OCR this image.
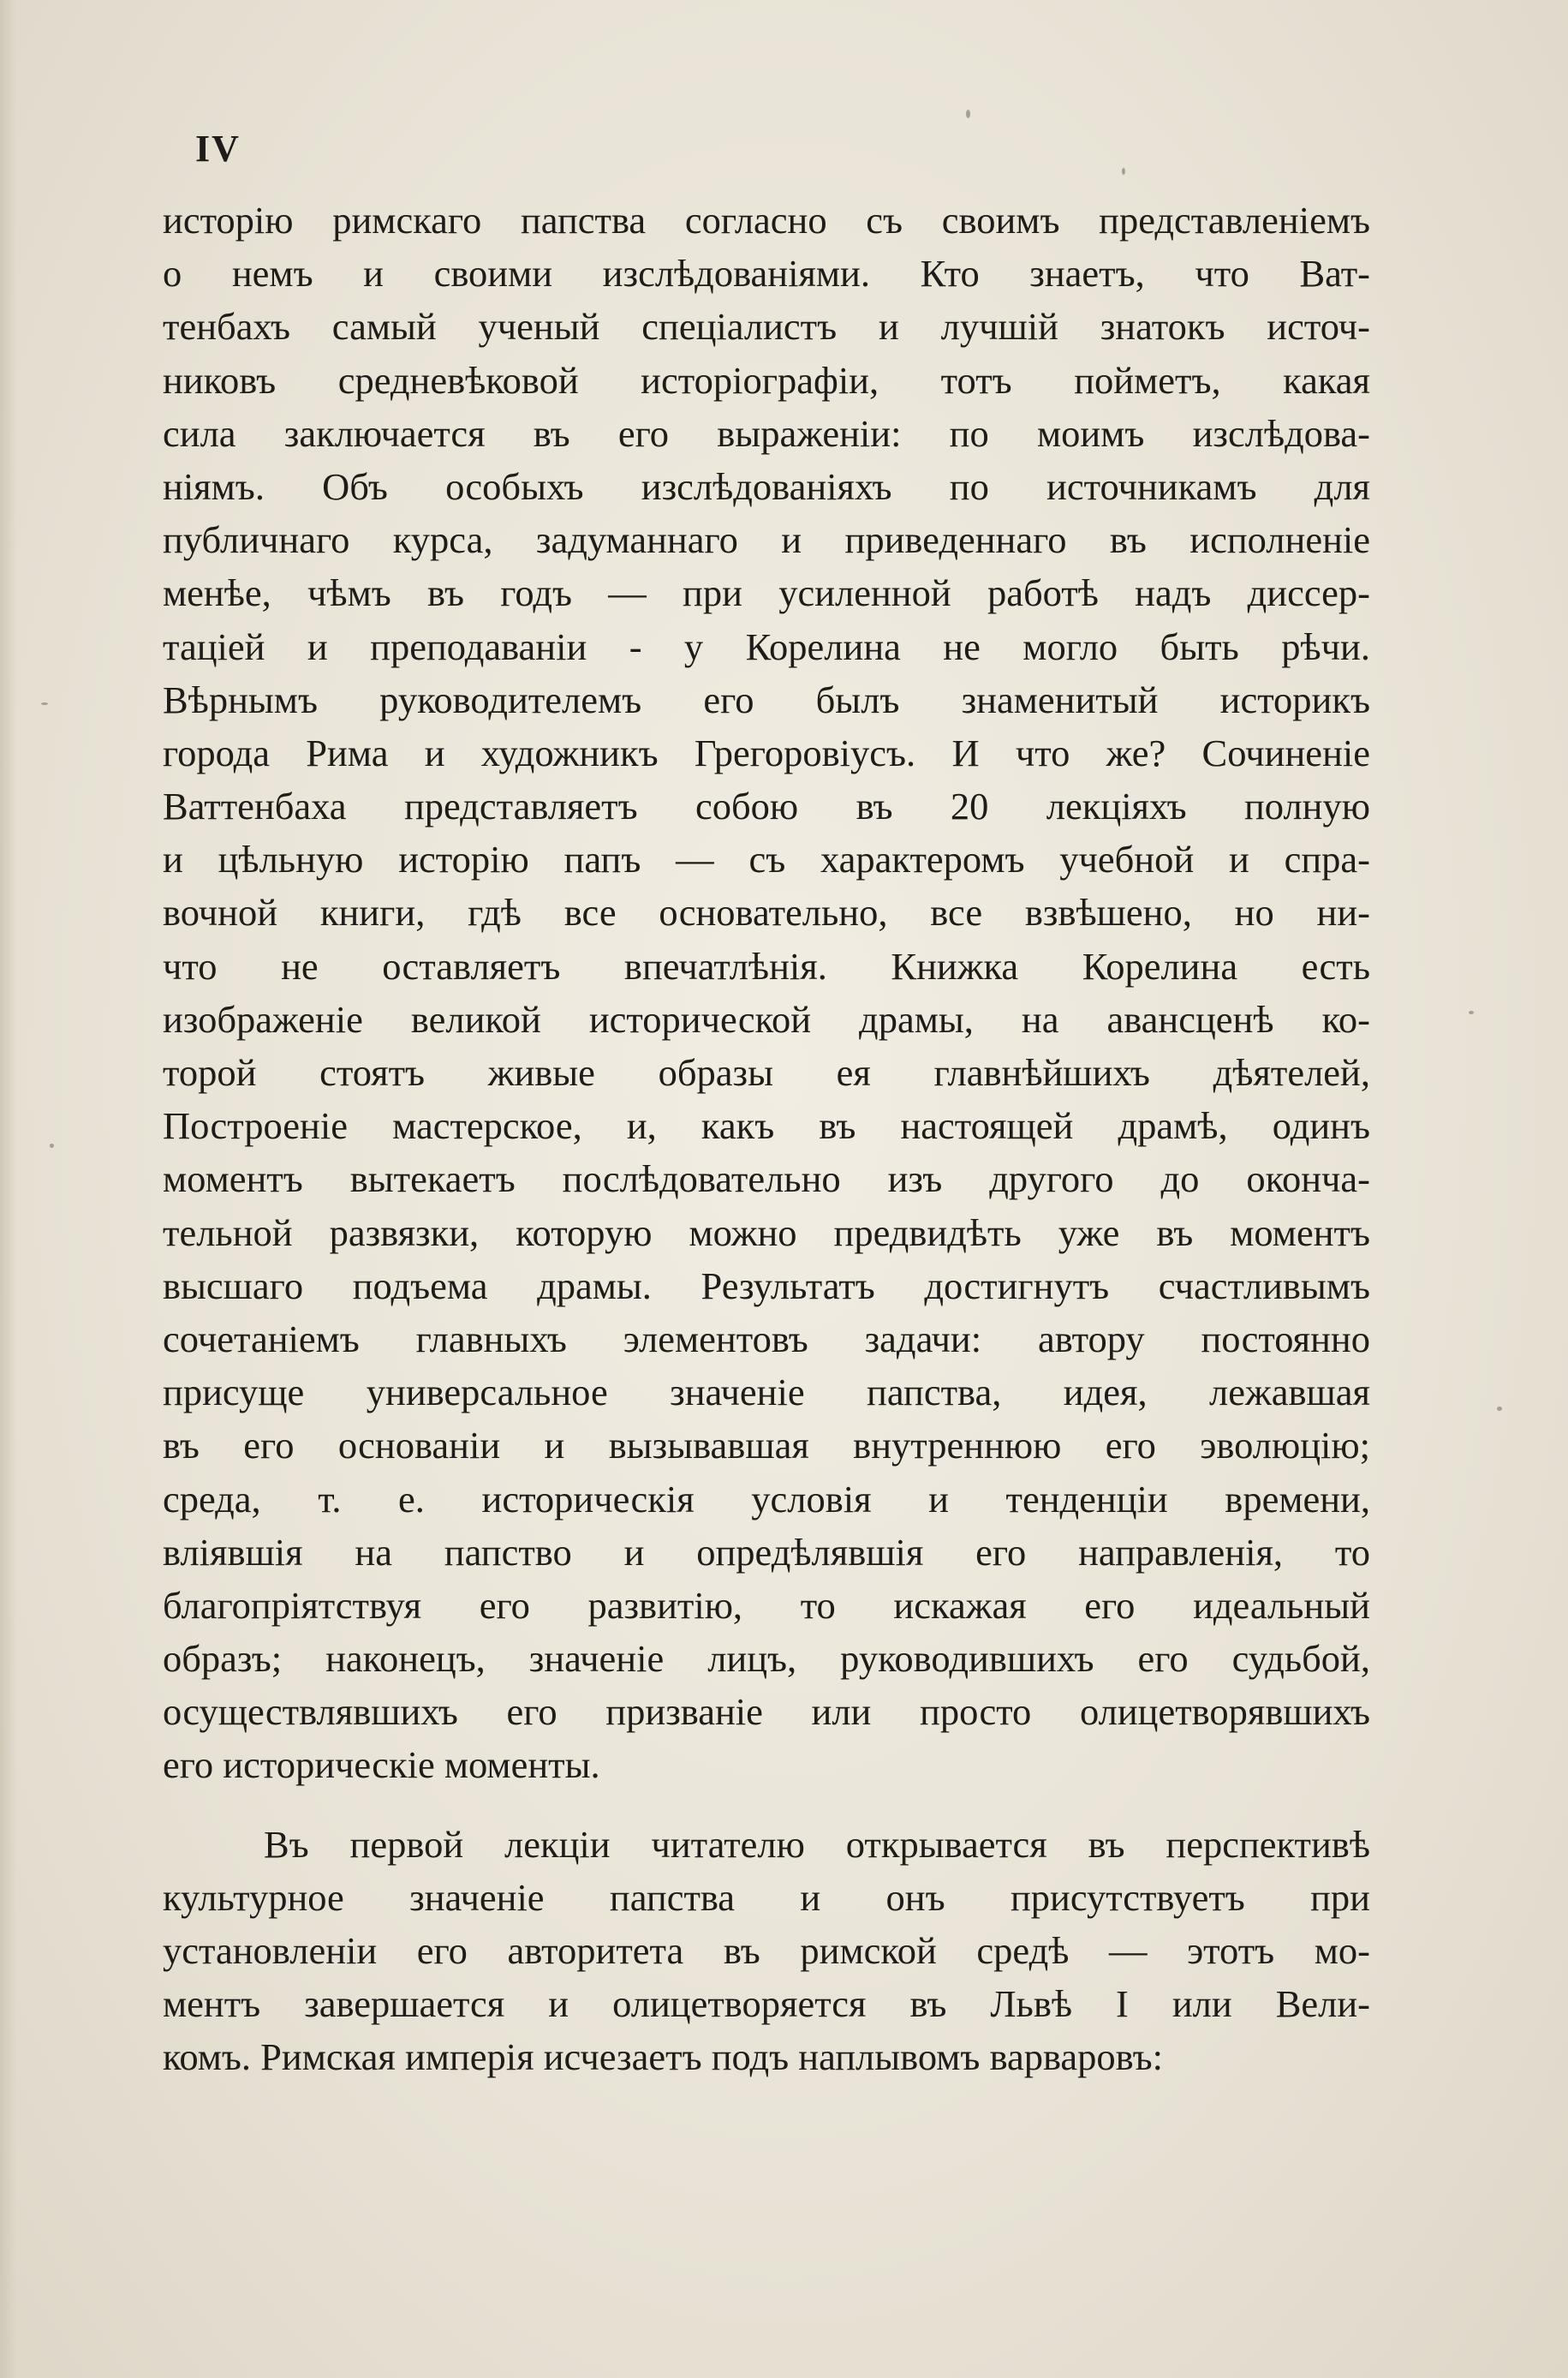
IV
исторію римскаго папства согласно съ своимъ представленіемъ
о немъ и своими изслѣдованіями. Кто знаетъ, что Ват-
тенбахъ самый ученый спеціалистъ и лучшій знатокъ источ-
никовъ средневѣковой исторіографіи, тотъ пойметъ, какая
сила заключается въ его выраженіи: по моимъ изслѣдова-
ніямъ. Объ особыхъ изслѣдованіяхъ по источникамъ для
публичнаго курса, задуманнаго и приведеннаго въ исполненіе
менѣе, чѣмъ въ годъ — при усиленной работѣ надъ диссер-
таціей и преподаваніи - у Корелина не могло быть рѣчи.
Вѣрнымъ руководителемъ его былъ знаменитый историкъ
города Рима и художникъ Грегоровіусъ. И что же? Сочиненіе
Ваттенбаха представляетъ собою въ 20 лекціяхъ полную
и цѣльную исторію папъ — съ характеромъ учебной и спра-
вочной книги, гдѣ все основательно, все взвѣшено, но ни-
что не оставляетъ впечатлѣнія. Книжка Корелина есть
изображеніе великой исторической драмы, на авансценѣ ко-
торой стоятъ живые образы ея главнѣйшихъ дѣятелей,
Построеніе мастерское, и, какъ въ настоящей драмѣ, одинъ
моментъ вытекаетъ послѣдовательно изъ другого до оконча-
тельной развязки, которую можно предвидѣть уже въ моментъ
высшаго подъема драмы. Результатъ достигнутъ счастливымъ
сочетаніемъ главныхъ элементовъ задачи: автору постоянно
присуще универсальное значеніе папства, идея, лежавшая
въ его основаніи и вызывавшая внутреннюю его эволюцію;
среда, т. е. историческія условія и тенденціи времени,
вліявшія на папство и опредѣлявшія его направленія, то
благопріятствуя его развитію, то искажая его идеальный
образъ; наконецъ, значеніе лицъ, руководившихъ его судьбой,
осуществлявшихъ его призваніе или просто олицетворявшихъ
его историческіе моменты.
Въ первой лекціи читателю открывается въ перспективѣ
культурное значеніе папства и онъ присутствуетъ при
установленіи его авторитета въ римской средѣ — этотъ мо-
ментъ завершается и олицетворяется въ Львѣ I или Вели-
комъ. Римская имперія исчезаетъ подъ наплывомъ варваровъ:
